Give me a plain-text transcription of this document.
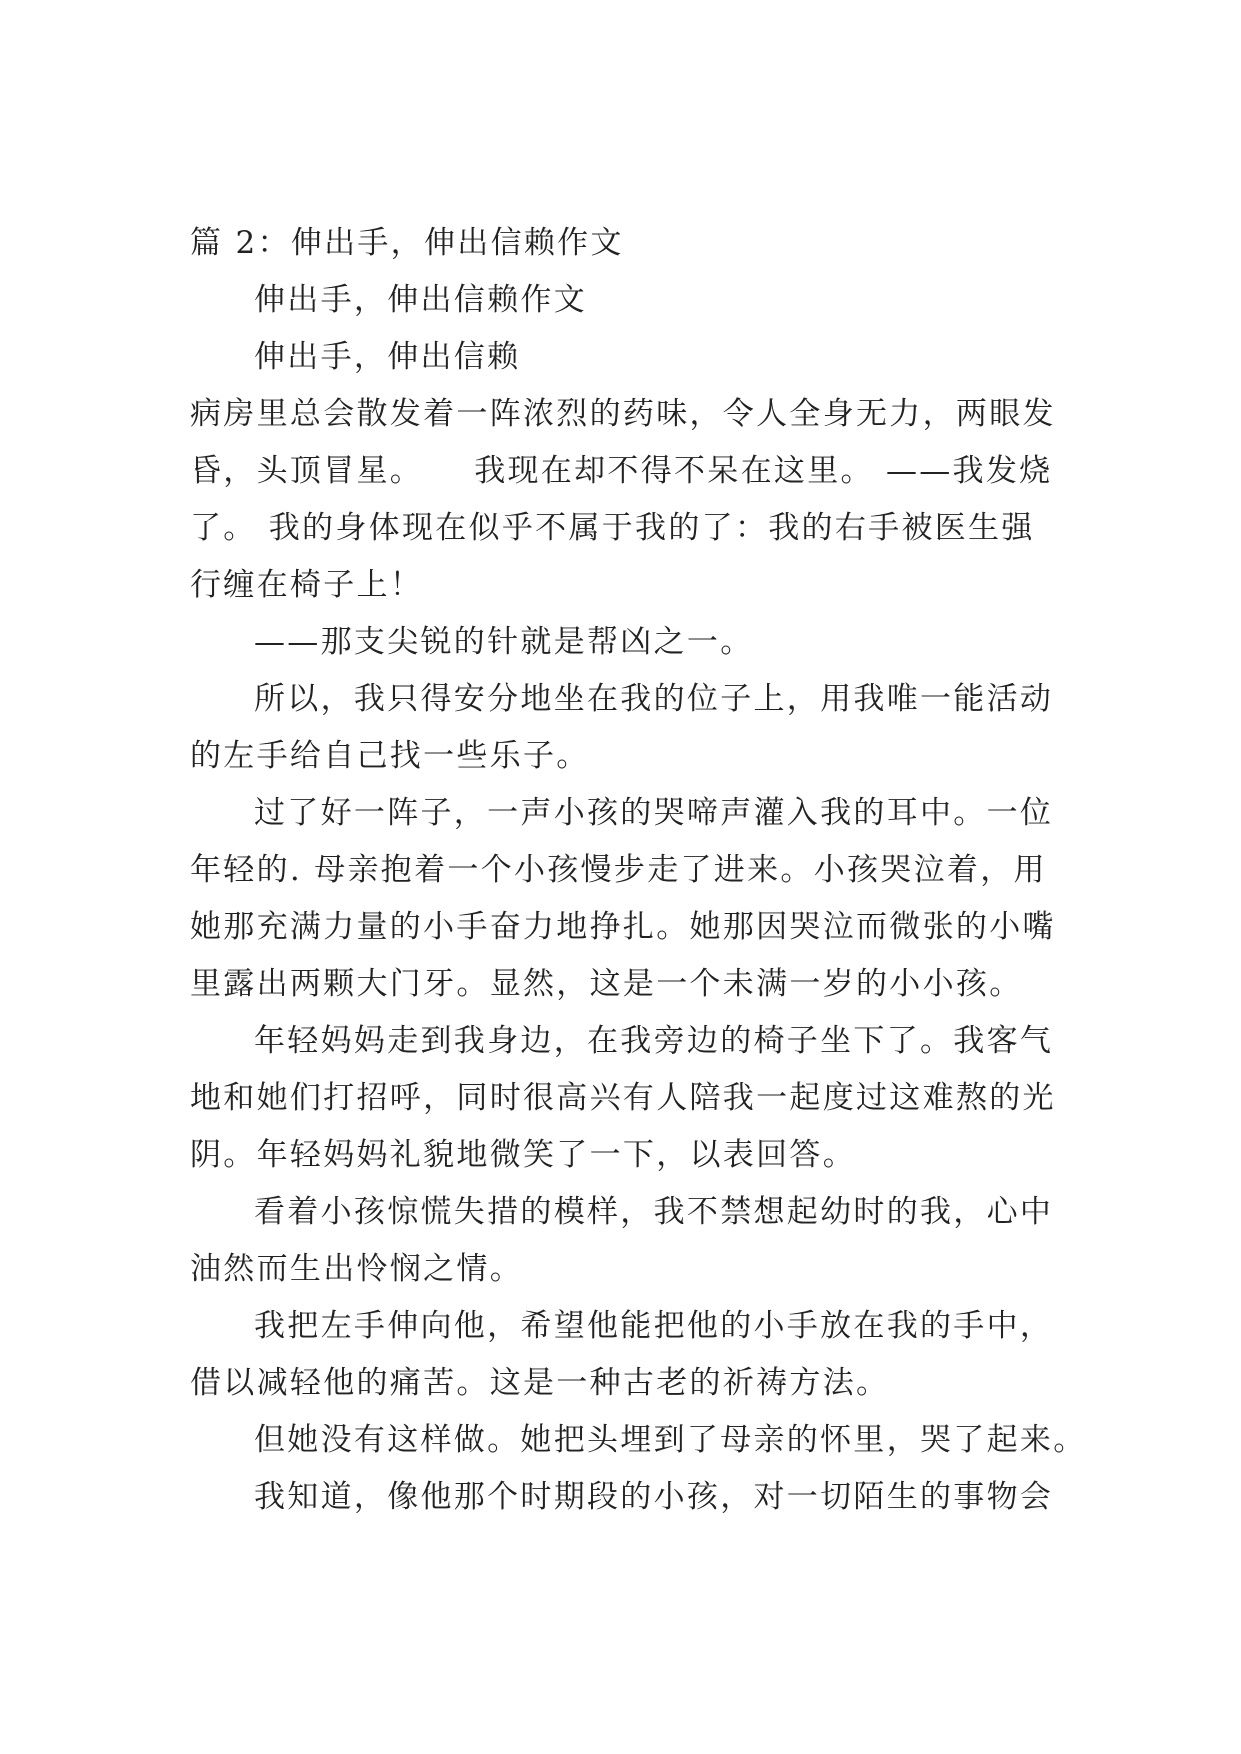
篇 2：伸出手，伸出信赖作文
伸出手，伸出信赖作文
伸出手，伸出信赖
病房里总会散发着一阵浓烈的药味，令人全身无力，两眼发
昏，头顶冒星。　　我现在却不得不呆在这里。 ——我发烧
了。 我的身体现在似乎不属于我的了：我的右手被医生强
行缠在椅子上！
——那支尖锐的针就是帮凶之一。
所以，我只得安分地坐在我的位子上，用我唯一能活动
的左手给自己找一些乐子。
过了好一阵子，一声小孩的哭啼声灌入我的耳中。一位
年轻的. 母亲抱着一个小孩慢步走了进来。小孩哭泣着，用
她那充满力量的小手奋力地挣扎。她那因哭泣而微张的小嘴
里露出两颗大门牙。显然，这是一个未满一岁的小小孩。
年轻妈妈走到我身边，在我旁边的椅子坐下了。我客气
地和她们打招呼，同时很高兴有人陪我一起度过这难熬的光
阴。年轻妈妈礼貌地微笑了一下，以表回答。
看着小孩惊慌失措的模样，我不禁想起幼时的我，心中
油然而生出怜悯之情。
我把左手伸向他，希望他能把他的小手放在我的手中，
借以减轻他的痛苦。这是一种古老的祈祷方法。
但她没有这样做。她把头埋到了母亲的怀里，哭了起来。
我知道，像他那个时期段的小孩，对一切陌生的事物会
